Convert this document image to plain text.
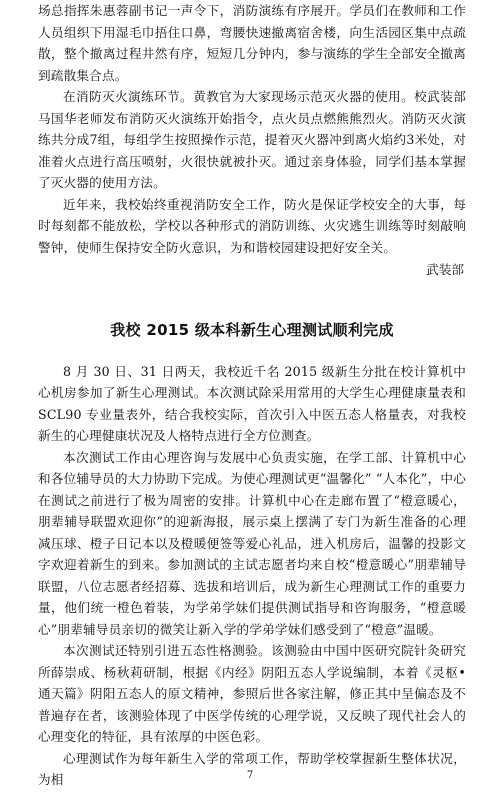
场总指挥朱惠蓉副书记一声令下，消防演练有序展开。学员们在教师和工作人员组织下用湿毛巾捂住口鼻，弯腰快速撤离宿舍楼，向生活园区集中点疏散，整个撤离过程井然有序，短短几分钟内，参与演练的学生全部安全撤离到疏散集合点。

在消防灭火演练环节。黄教官为大家现场示范灭火器的使用。校武装部马国华老师发布消防灭火演练开始指令，点火员点燃熊熊烈火。消防灭火演练共分成7组，每组学生按照操作示范，提着灭火器冲到离火焰约3米处，对准着火点进行高压喷射，火很快就被扑灭。通过亲身体验，同学们基本掌握了灭火器的使用方法。

近年来，我校始终重视消防安全工作，防火是保证学校安全的大事，每时每刻都不能放松，学校以各种形式的消防训练、火灾逃生训练等时刻敲响警钟，使师生保持安全防火意识，为和谐校园建设把好安全关。

武装部

我校 2015 级本科新生心理测试顺利完成

8 月 30 日、31 日两天，我校近千名 2015 级新生分批在校计算机中心机房参加了新生心理测试。本次测试除采用常用的大学生心理健康量表和 SCL90 专业量表外，结合我校实际，首次引入中医五态人格量表，对我校新生的心理健康状况及人格特点进行全方位测查。

本次测试工作由心理咨询与发展中心负责实施，在学工部、计算机中心和各位辅导员的大力协助下完成。为使心理测试更“温馨化” “人本化”，中心在测试之前进行了极为周密的安排。计算机中心在走廊布置了“橙意暖心，朋辈辅导联盟欢迎你”的迎新海报，展示桌上摆满了专门为新生准备的心理减压球、橙子日记本以及橙暖便签等爱心礼品，进入机房后，温馨的投影文字欢迎着新生的到来。参加测试的主试志愿者均来自校“橙意暖心”朋辈辅导联盟，八位志愿者经招募、选拔和培训后，成为新生心理测试工作的重要力量，他们统一橙色着装，为学弟学妹们提供测试指导和咨询服务，“橙意暖心”朋辈辅导员亲切的微笑让新入学的学弟学妹们感受到了“橙意”温暖。

本次测试还特别引进五态性格测验。该测验由中国中医研究院针灸研究所薛崇成、杨秋莉研制，根据《内经》阴阳五态人学说编制，本着《灵枢•通天篇》阴阳五态人的原文精神，参照后世各家注解，修正其中呈偏态及不普遍存在者，该测验体现了中医学传统的心理学说，又反映了现代社会人的心理变化的特征，具有浓厚的中医色彩。

心理测试作为每年新生入学的常项工作，帮助学校掌握新生整体状况，为相	7
